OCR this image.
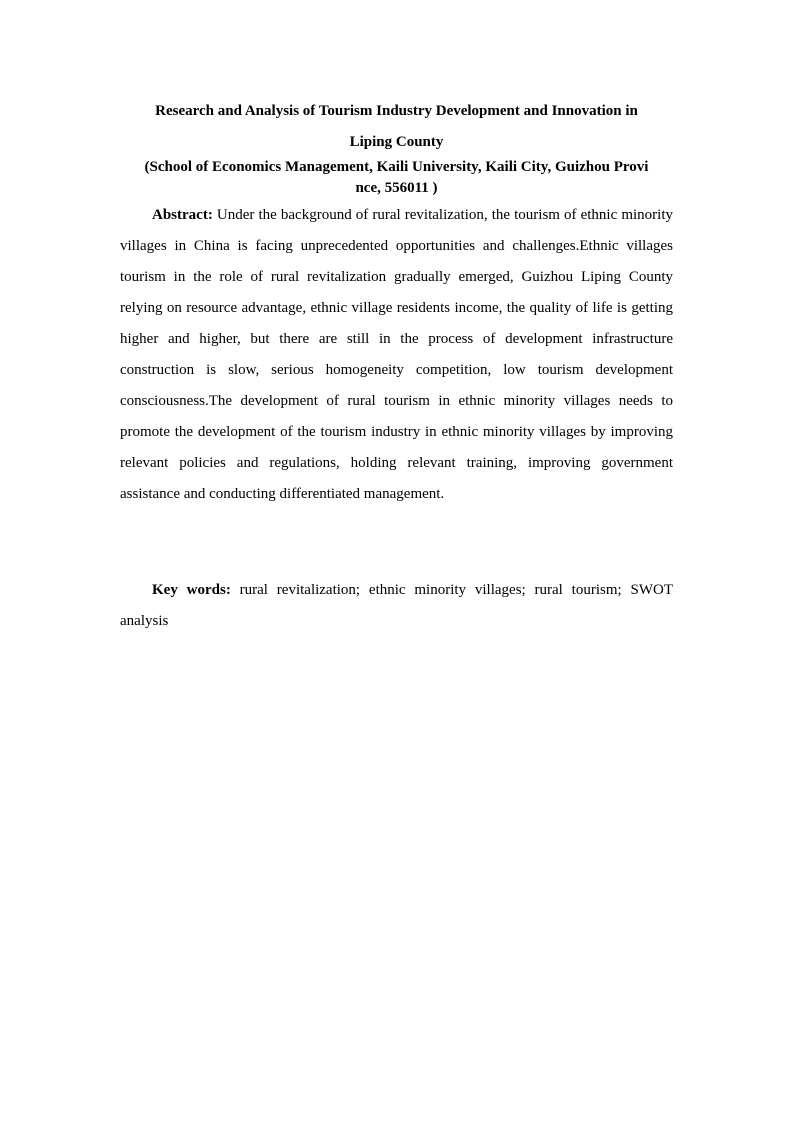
Research and Analysis of Tourism Industry Development and Innovation in

Liping County

(School of Economics Management, Kaili University, Kaili City, Guizhou Provi
nce, 556011 )

Abstract: Under the background of rural revitalization, the tourism of ethnic minority villages in China is facing unprecedented opportunities and challenges.Ethnic villages tourism in the role of rural revitalization gradually emerged, Guizhou Liping County relying on resource advantage, ethnic village residents income, the quality of life is getting higher and higher, but there are still in the process of development infrastructure construction is slow, serious homogeneity competition, low tourism development consciousness.The development of rural tourism in ethnic minority villages needs to promote the development of the tourism industry in ethnic minority villages by improving relevant policies and regulations, holding relevant training, improving government assistance and conducting differentiated management.

Key words: rural revitalization; ethnic minority villages; rural tourism; SWOT analysis
